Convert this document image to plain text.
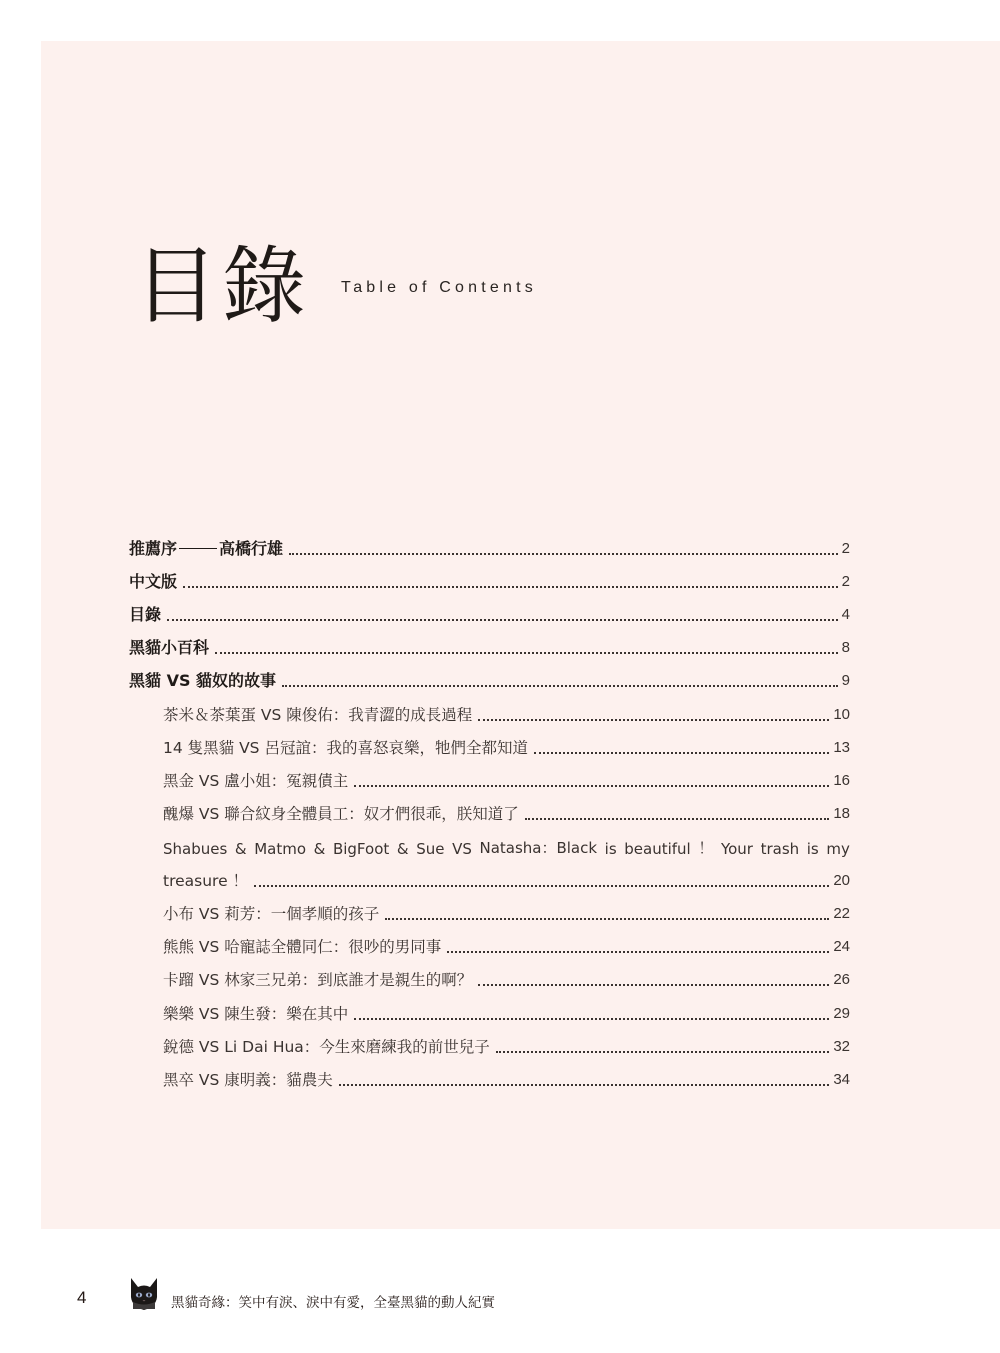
目錄 Table of Contents
推薦序	高橋行雄	2
中文版	2
目錄	4
黑貓小百科	8
黑貓 VS 貓奴的故事	9
茶米＆茶葉蛋 VS 陳俊佑：我青澀的成長過程	10
14 隻黑貓 VS 呂冠誼：我的喜怒哀樂，牠們全都知道	13
黑金 VS 盧小姐：冤親債主	16
醜爆 VS 聯合紋身全體員工：奴才們很乖，朕知道了	18
Shabues & Matmo & BigFoot & Sue VS Natasha：Black is beautiful ！ Your trash is my
treasure ！	20
小布 VS 莉芳：一個孝順的孩子	22
熊熊 VS 哈寵誌全體同仁：很吵的男同事	24
卡蹓 VS 林家三兄弟：到底誰才是親生的啊？	26
樂樂 VS 陳生發：樂在其中	29
銳德 VS Li Dai Hua：今生來磨練我的前世兒子	32
黑卒 VS 康明義：貓農夫	34
4	黑貓奇緣：笑中有淚、淚中有愛，全臺黑貓的動人紀實
